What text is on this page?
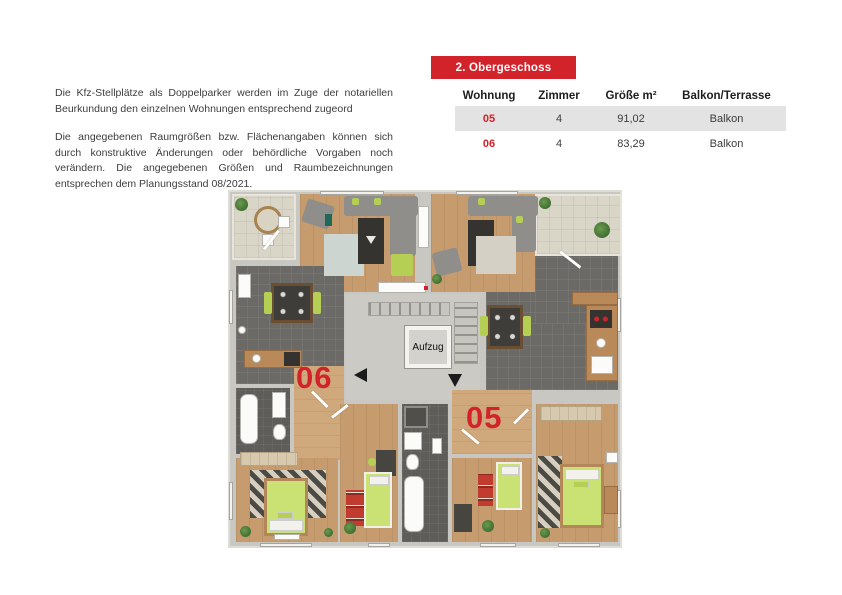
Die Kfz-Stellplätze als Doppelparker werden im Zuge der notariellen Beurkundung den einzelnen Wohnungen entsprechend zugeord

Die angegebenen Raumgrößen bzw. Flächenangaben können sich durch konstruktive Änderungen oder behördliche Vorgaben noch verändern. Die angegebenen Größen und Raumbezeichnungen entsprechen dem Planungsstand 08/2021.

2. Obergeschoss
Wohnung	Zimmer	Größe m²	Balkon/Terrasse
05	4	91,02	Balkon
06	4	83,29	Balkon
Aufzug
06
05
